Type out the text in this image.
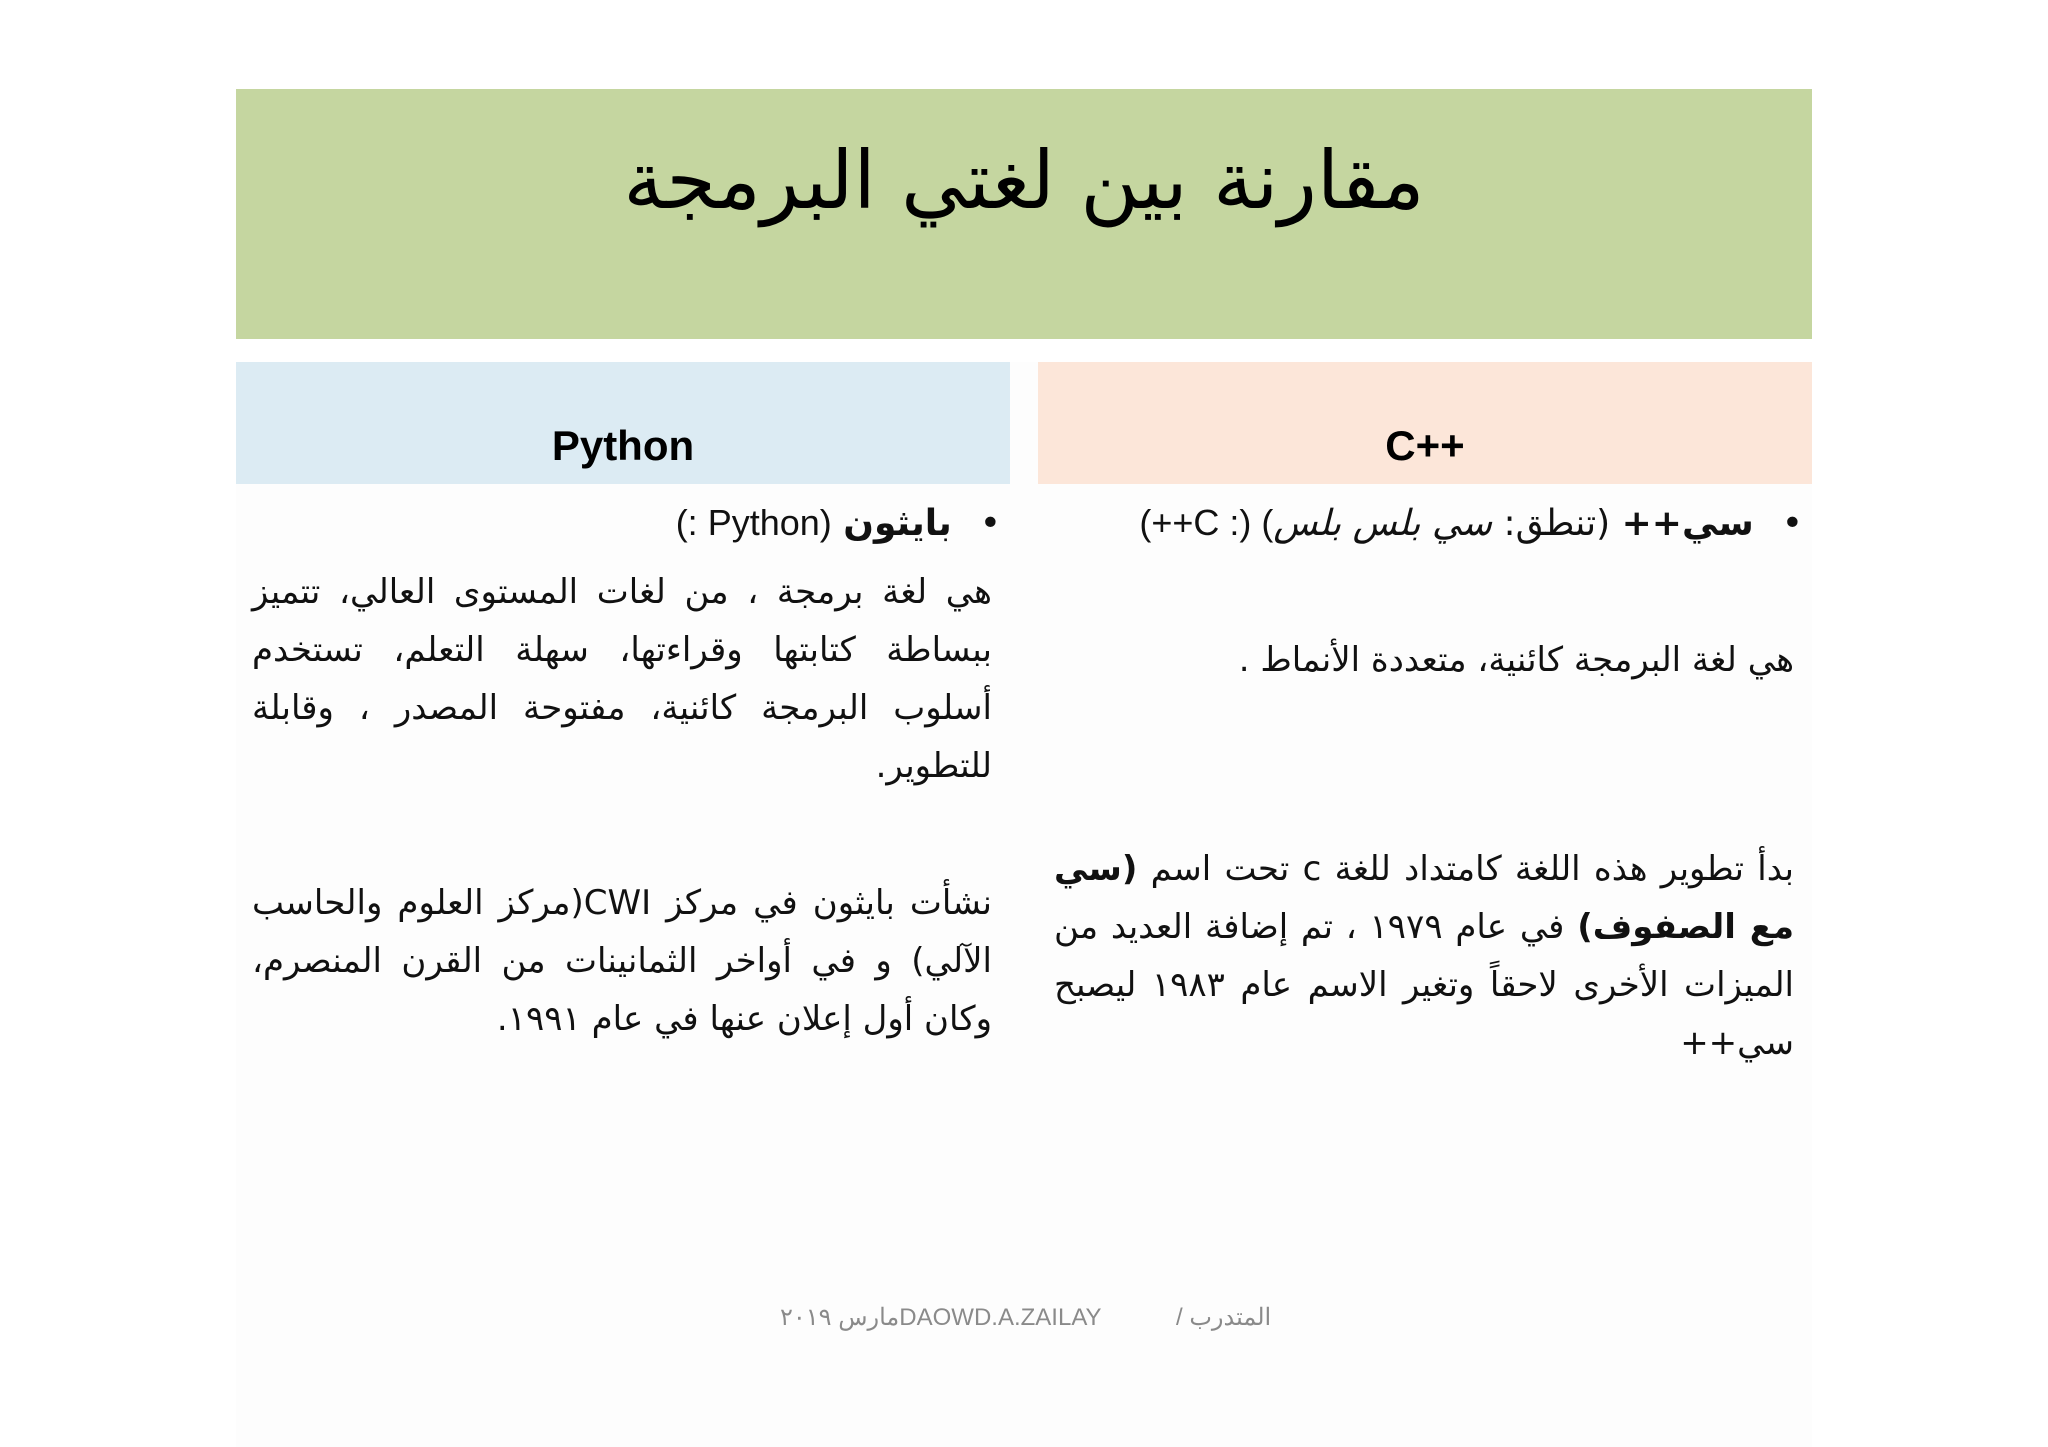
مقارنة بين لغتي البرمجة
Python	C++
•بايثون (Python :)
هي لغة برمجة ، من لغات المستوى العالي، تتميز ببساطة كتابتها وقراءتها، سهلة التعلم، تستخدم أسلوب البرمجة كائنية، مفتوحة المصدر ، وقابلة للتطوير.
نشأت بايثون في مركز CWI(مركز العلوم والحاسب الآلي) و في أواخر الثمانينات من القرن المنصرم، وكان أول إعلان عنها في عام ١٩٩١.
•سي++ (تنطق: سي بلس بلس) (: C++)
هي لغة البرمجة كائنية، متعددة الأنماط .
بدأ تطوير هذه اللغة كامتداد للغة c تحت اسم (سي مع الصفوف) في عام ١٩٧٩ ، تم إضافة العديد من الميزات الأخرى لاحقاً وتغير الاسم عام ١٩٨٣ ليصبح سي++
المتدرب /
DAOWD.A.ZAILAYمارس ٢٠١٩
